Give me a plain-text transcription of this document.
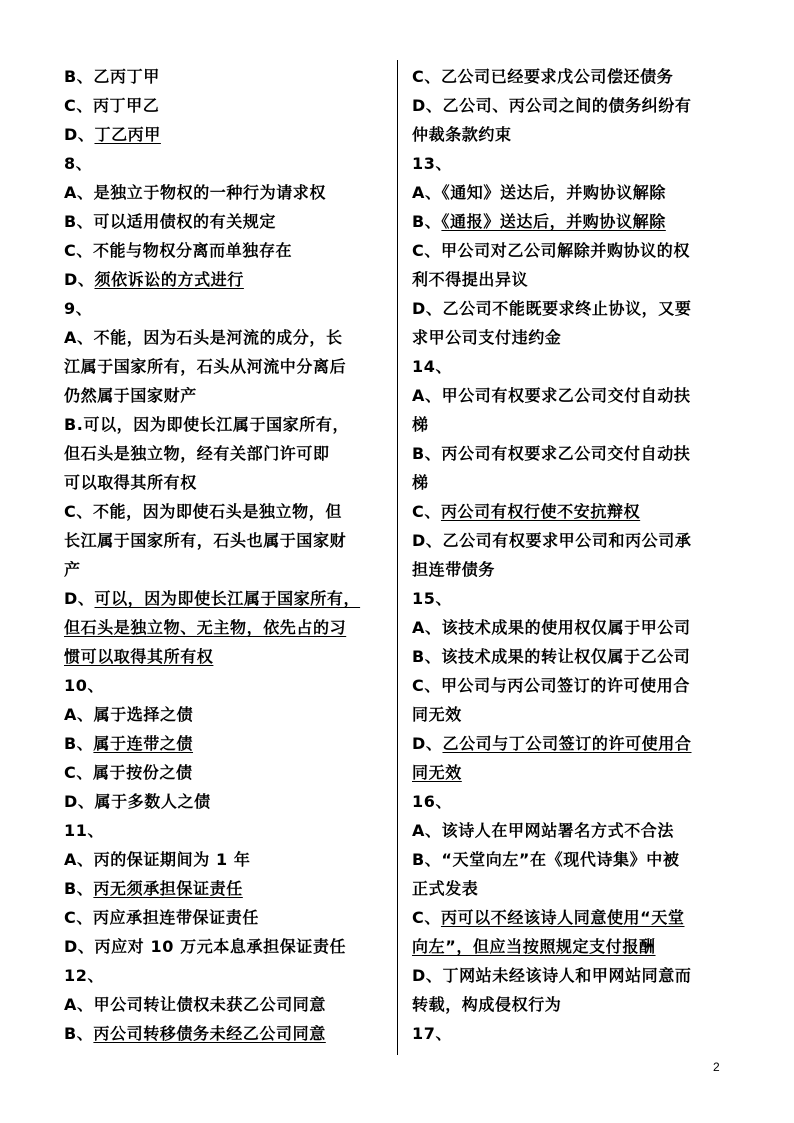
B、乙丙丁甲
C、丙丁甲乙
D、丁乙丙甲
8、
A、是独立于物权的一种行为请求权
B、可以适用债权的有关规定
C、不能与物权分离而单独存在
D、须依诉讼的方式进行
9、
A、不能，因为石头是河流的成分，长
江属于国家所有，石头从河流中分离后
仍然属于国家财产
B.可以，因为即使长江属于国家所有，
但石头是独立物，经有关部门许可即
可以取得其所有权
C、不能，因为即使石头是独立物，但
长江属于国家所有，石头也属于国家财
产
D、可以，因为即使长江属于国家所有，
但石头是独立物、无主物，依先占的习
惯可以取得其所有权
10、
A、属于选择之债
B、属于连带之债
C、属于按份之债
D、属于多数人之债
11、
A、丙的保证期间为 1 年
B、丙无须承担保证责任
C、丙应承担连带保证责任
D、丙应对 10 万元本息承担保证责任
12、
A、甲公司转让债权未获乙公司同意
B、丙公司转移债务未经乙公司同意
C、乙公司已经要求戊公司偿还债务
D、乙公司、丙公司之间的债务纠纷有
仲裁条款约束
13、
A、《通知》送达后，并购协议解除
B、《通报》送达后，并购协议解除
C、甲公司对乙公司解除并购协议的权
利不得提出异议
D、乙公司不能既要求终止协议，又要
求甲公司支付违约金
14、
A、甲公司有权要求乙公司交付自动扶
梯
B、丙公司有权要求乙公司交付自动扶
梯
C、丙公司有权行使不安抗辩权
D、乙公司有权要求甲公司和丙公司承
担连带债务
15、
A、该技术成果的使用权仅属于甲公司
B、该技术成果的转让权仅属于乙公司
C、甲公司与丙公司签订的许可使用合
同无效
D、乙公司与丁公司签订的许可使用合
同无效
16、
A、该诗人在甲网站署名方式不合法
B、“天堂向左”在《现代诗集》中被
正式发表
C、丙可以不经该诗人同意使用“天堂
向左”，但应当按照规定支付报酬
D、丁网站未经该诗人和甲网站同意而
转载，构成侵权行为
17、
2
